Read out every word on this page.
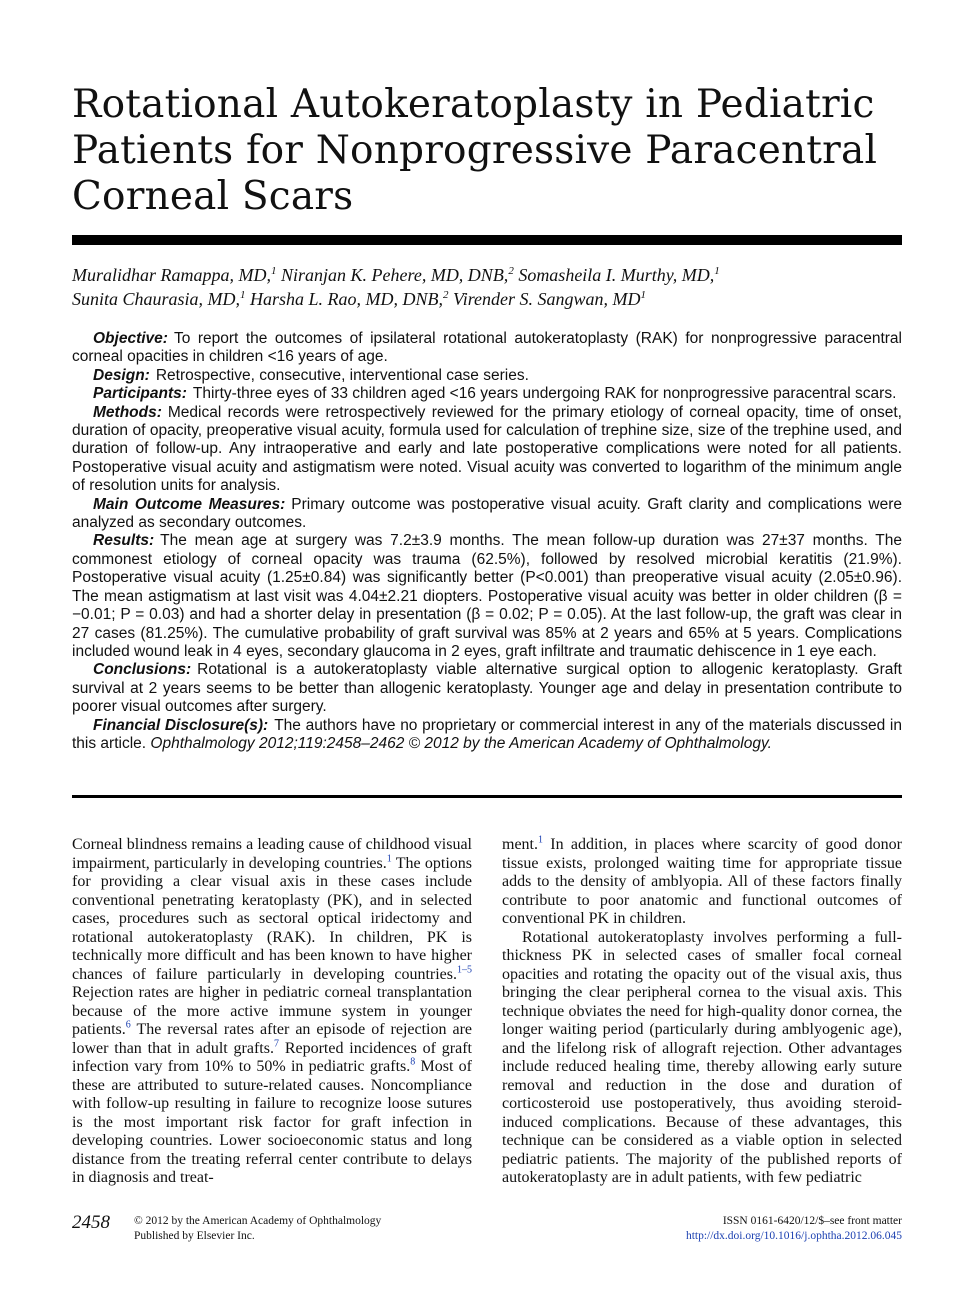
Rotational Autokeratoplasty in Pediatric
Patients for Nonprogressive Paracentral
Corneal Scars
Muralidhar Ramappa, MD,$^1$ Niranjan K. Pehere, MD, DNB,$^2$ Somasheila I. Murthy, MD,$^1$
Sunita Chaurasia, MD,$^1$ Harsha L. Rao, MD, DNB,$^2$ Virender S. Sangwan, $MD^1$

Objective: To report the outcomes of ipsilateral rotational autokeratoplasty (RAK) for nonprogressive paracentral corneal opacities in children <16 years of age.

Design: Retrospective, consecutive, interventional case series.

Participants: Thirty-three eyes of 33 children aged <16 years undergoing RAK for nonprogressive paracentral scars.

Methods: Medical records were retrospectively reviewed for the primary etiology of corneal opacity, time of onset, duration of opacity, preoperative visual acuity, formula used for calculation of trephine size, size of the trephine used, and duration of follow-up. Any intraoperative and early and late postoperative complications were noted for all patients. Postoperative visual acuity and astigmatism were noted. Visual acuity was converted to logarithm of the minimum angle of resolution units for analysis.

Main Outcome Measures: Primary outcome was postoperative visual acuity. Graft clarity and complications were analyzed as secondary outcomes.

Results: The mean age at surgery was 7.2±3.9 months. The mean follow-up duration was 27±37 months. The commonest etiology of corneal opacity was trauma (62.5%), followed by resolved microbial keratitis (21.9%). Postoperative visual acuity (1.25±0.84) was significantly better (P<0.001) than preoperative visual acuity (2.05±0.96). The mean astigmatism at last visit was 4.04±2.21 diopters. Postoperative visual acuity was better in older children (β = −0.01; P = 0.03) and had a shorter delay in presentation (β = 0.02; P = 0.05). At the last follow-up, the graft was clear in 27 cases (81.25%). The cumulative probability of graft survival was 85% at 2 years and 65% at 5 years. Complications included wound leak in 4 eyes, secondary glaucoma in 2 eyes, graft infiltrate and traumatic dehiscence in 1 eye each.

Conclusions: Rotational is a autokeratoplasty viable alternative surgical option to allogenic keratoplasty. Graft survival at 2 years seems to be better than allogenic keratoplasty. Younger age and delay in presentation contribute to poorer visual outcomes after surgery.

Financial Disclosure(s): The authors have no proprietary or commercial interest in any of the materials discussed in this article. Ophthalmology 2012;119:2458–2462 © 2012 by the American Academy of Ophthalmology.

Corneal blindness remains a leading cause of childhood visual impairment, particularly in developing countries.$^1$ The options for providing a clear visual axis in these cases include conventional penetrating keratoplasty (PK), and in selected cases, procedures such as sectoral optical iridectomy and rotational autokeratoplasty (RAK). In children, PK is technically more difficult and has been known to have higher chances of failure particularly in developing countries.$^{1-5}$ Rejection rates are higher in pediatric corneal transplantation because of the more active immune system in younger patients.$^6$ The reversal rates after an episode of rejection are lower than that in adult grafts.$^7$ Reported incidences of graft infection vary from 10% to 50% in pediatric grafts.$^8$ Most of these are attributed to suture-related causes. Noncompliance with follow-up resulting in failure to recognize loose sutures is the most important risk factor for graft infection in developing countries. Lower socioeconomic status and long distance from the treating referral center contribute to delays in diagnosis and treat-

ment.$^1$ In addition, in places where scarcity of good donor tissue exists, prolonged waiting time for appropriate tissue adds to the density of amblyopia. All of these factors finally contribute to poor anatomic and functional outcomes of conventional PK in children.

Rotational autokeratoplasty involves performing a full-thickness PK in selected cases of smaller focal corneal opacities and rotating the opacity out of the visual axis, thus bringing the clear peripheral cornea to the visual axis. This technique obviates the need for high-quality donor cornea, the longer waiting period (particularly during amblyogenic age), and the lifelong risk of allograft rejection. Other advantages include reduced healing time, thereby allowing early suture removal and reduction in the dose and duration of corticosteroid use postoperatively, thus avoiding steroid-induced complications. Because of these advantages, this technique can be considered as a viable option in selected pediatric patients. The majority of the published reports of autokeratoplasty are in adult patients, with few pediatric

2458 © 2012 by the American Academy of Ophthalmology
Published by Elsevier Inc.
ISSN 0161-6420/12/$–see front matter
http://dx.doi.org/10.1016/j.ophtha.2012.06.045
